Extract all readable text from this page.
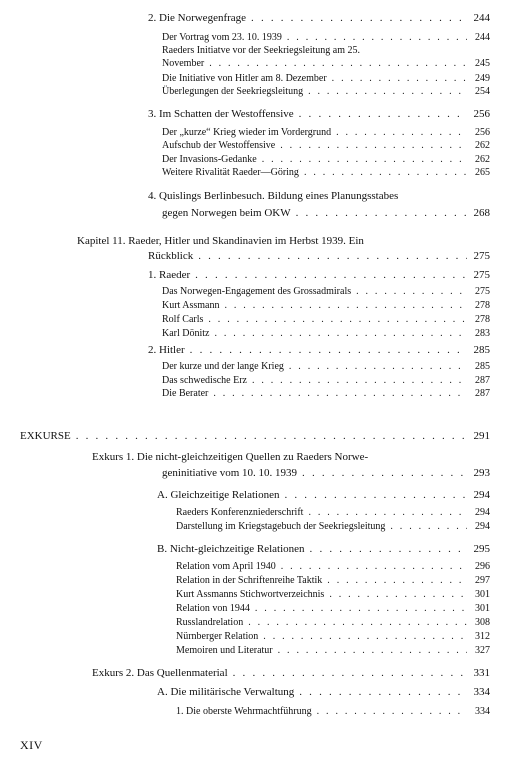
2. Die Norwegenfrage . . .	244
Der Vortrag vom 23. 10. 1939 . . .	244
Raeders Initiatve vor der Seekriegsleitung am 25.
November . . .	245
Die Initiative von Hitler am 8. Dezember . . .	249
Überlegungen der Seekriegsleitung . . .	254
3. Im Schatten der Westoffensive . . .	256
Der „kurze“ Krieg wieder im Vordergrund . . .	256
Aufschub der Westoffensive . . .	262
Der Invasions-Gedanke . . .	262
Weitere Rivalität Raeder—Göring . . .	265
4. Quislings Berlinbesuch. Bildung eines Planungsstabes
gegen Norwegen beim OKW . . .	268
Kapitel 11. Raeder, Hitler und Skandinavien im Herbst 1939. Ein
Rückblick . . .	275
1. Raeder . . .	275
Das Norwegen-Engagement des Grossadmirals . . .	275
Kurt Assmann . . .	278
Rolf Carls . . .	278
Karl Dönitz . . .	283
2. Hitler . . .	285
Der kurze und der lange Krieg . . .	285
Das schwedische Erz . . .	287
Die Berater . . .	287
EXKURSE . . .	291
Exkurs 1. Die nicht-gleichzeitigen Quellen zu Raeders Norwe-
geninitiative vom 10. 10. 1939 . . .	293
A. Gleichzeitige Relationen . . .	294
Raeders Konferenzniederschrift . . .	294
Darstellung im Kriegstagebuch der Seekriegsleitung . . .	294
B. Nicht-gleichzeitige Relationen . . .	295
Relation vom April 1940 . . .	296
Relation in der Schriftenreihe Taktik . . .	297
Kurt Assmanns Stichwortverzeichnis . . .	301
Relation von 1944 . . .	301
Russlandrelation . . .	308
Nürnberger Relation . . .	312
Memoiren und Literatur . . .	327
Exkurs 2. Das Quellenmaterial . . .	331
A. Die militärische Verwaltung . . .	334
1. Die oberste Wehrmachtführung . . .	334
XIV
